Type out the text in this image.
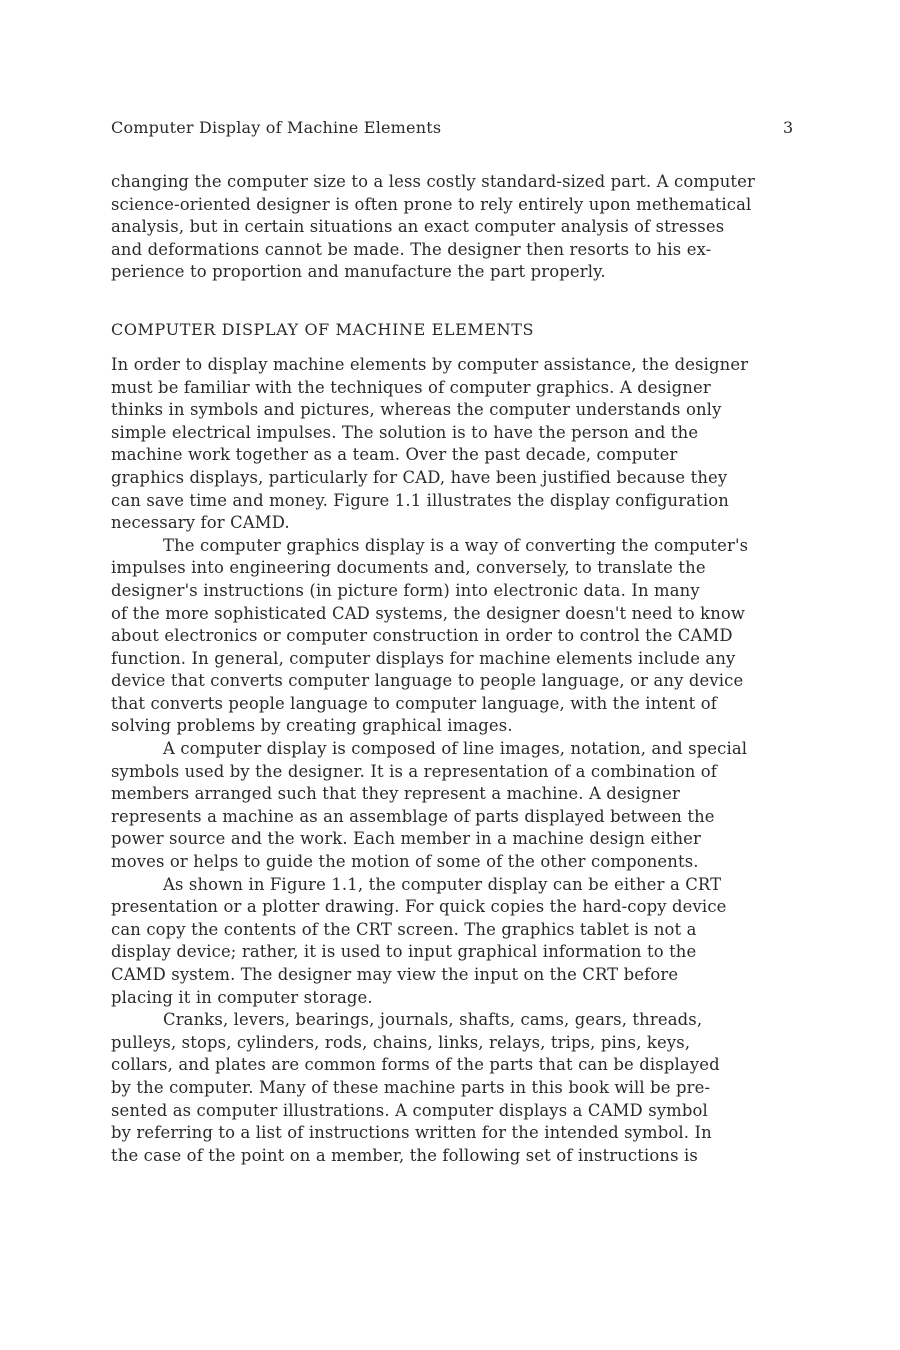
Computer Display of Machine Elements	3

changing the computer size to a less costly standard-sized part. A computer
science-oriented designer is often prone to rely entirely upon methematical
analysis, but in certain situations an exact computer analysis of stresses
and deformations cannot be made. The designer then resorts to his ex-
perience to proportion and manufacture the part properly.

COMPUTER DISPLAY OF MACHINE ELEMENTS

In order to display machine elements by computer assistance, the designer
must be familiar with the techniques of computer graphics. A designer
thinks in symbols and pictures, whereas the computer understands only
simple electrical impulses. The solution is to have the person and the
machine work together as a team. Over the past decade, computer
graphics displays, particularly for CAD, have been justified because they
can save time and money. Figure 1.1 illustrates the display configuration
necessary for CAMD.

The computer graphics display is a way of converting the computer's
impulses into engineering documents and, conversely, to translate the
designer's instructions (in picture form) into electronic data. In many
of the more sophisticated CAD systems, the designer doesn't need to know
about electronics or computer construction in order to control the CAMD
function. In general, computer displays for machine elements include any
device that converts computer language to people language, or any device
that converts people language to computer language, with the intent of
solving problems by creating graphical images.

A computer display is composed of line images, notation, and special
symbols used by the designer. It is a representation of a combination of
members arranged such that they represent a machine. A designer
represents a machine as an assemblage of parts displayed between the
power source and the work. Each member in a machine design either
moves or helps to guide the motion of some of the other components.

As shown in Figure 1.1, the computer display can be either a CRT
presentation or a plotter drawing. For quick copies the hard-copy device
can copy the contents of the CRT screen. The graphics tablet is not a
display device; rather, it is used to input graphical information to the
CAMD system. The designer may view the input on the CRT before
placing it in computer storage.

Cranks, levers, bearings, journals, shafts, cams, gears, threads,
pulleys, stops, cylinders, rods, chains, links, relays, trips, pins, keys,
collars, and plates are common forms of the parts that can be displayed
by the computer. Many of these machine parts in this book will be pre-
sented as computer illustrations. A computer displays a CAMD symbol
by referring to a list of instructions written for the intended symbol. In
the case of the point on a member, the following set of instructions is
